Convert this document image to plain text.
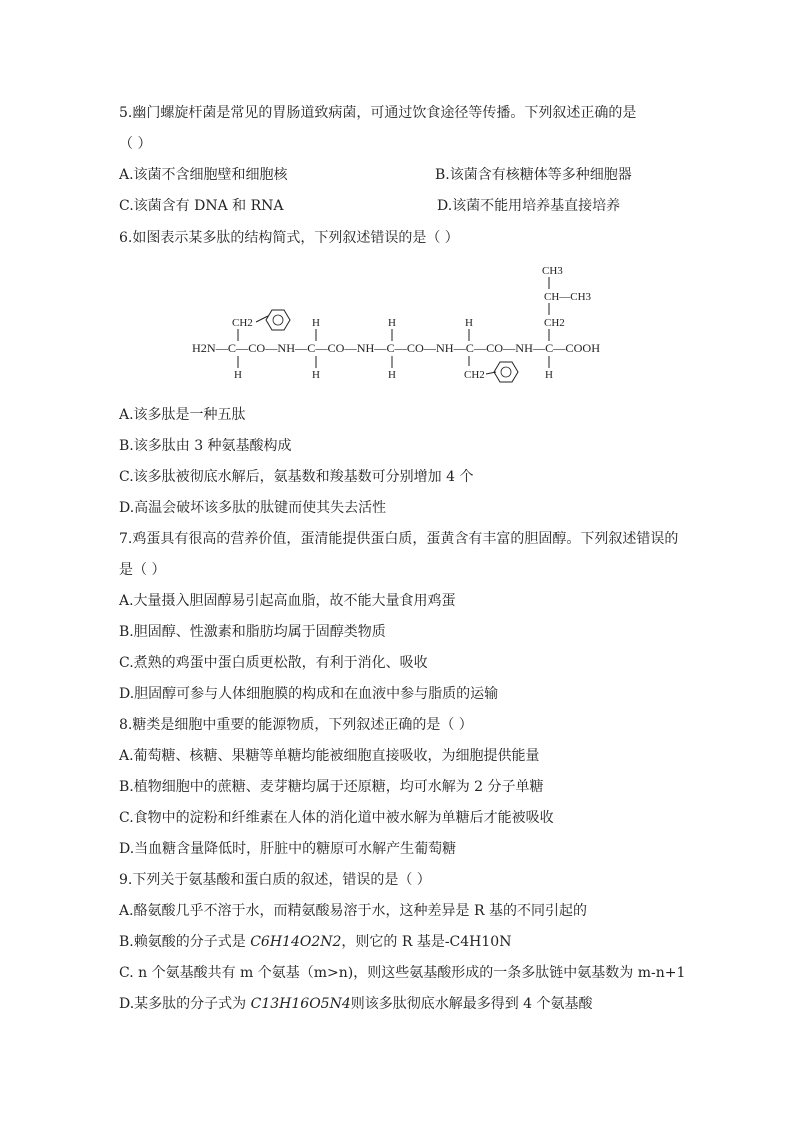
5.幽门螺旋杆菌是常见的胃肠道致病菌，可通过饮食途径等传播。下列叙述正确的是
（ ）
A.该菌不含细胞壁和细胞核	B.该菌含有核糖体等多种细胞器
C.该菌含有 DNA 和 RNA	D.该菌不能用培养基直接培养
6.如图表示某多肽的结构简式，下列叙述错误的是（ ）
CH3
CH—CH3
CH2
CH2	H	H	H
H2N—C—CO—NH—C—CO—NH—C—CO—NH—C—CO—NH—C—COOH
H	H	H	CH2	H
A.该多肽是一种五肽
B.该多肽由 3 种氨基酸构成
C.该多肽被彻底水解后，氨基数和羧基数可分别增加 4 个
D.高温会破坏该多肽的肽键而使其失去活性
7.鸡蛋具有很高的营养价值，蛋清能提供蛋白质，蛋黄含有丰富的胆固醇。下列叙述错误的
是（ ）
A.大量摄入胆固醇易引起高血脂，故不能大量食用鸡蛋
B.胆固醇、性激素和脂肪均属于固醇类物质
C.煮熟的鸡蛋中蛋白质更松散，有利于消化、吸收
D.胆固醇可参与人体细胞膜的构成和在血液中参与脂质的运输
8.糖类是细胞中重要的能源物质，下列叙述正确的是（ ）
A.葡萄糖、核糖、果糖等单糖均能被细胞直接吸收，为细胞提供能量
B.植物细胞中的蔗糖、麦芽糖均属于还原糖，均可水解为 2 分子单糖
C.食物中的淀粉和纤维素在人体的消化道中被水解为单糖后才能被吸收
D.当血糖含量降低时，肝脏中的糖原可水解产生葡萄糖
9.下列关于氨基酸和蛋白质的叙述，错误的是（ ）
A.酪氨酸几乎不溶于水，而精氨酸易溶于水，这种差异是 R 基的不同引起的
B.赖氨酸的分子式是 C6H14O2N2，则它的 R 基是-C4H10N
C. n 个氨基酸共有 m 个氨基（m>n)，则这些氨基酸形成的一条多肽链中氨基数为 m-n+1
D.某多肽的分子式为 C13H16O5N4则该多肽彻底水解最多得到 4 个氨基酸
